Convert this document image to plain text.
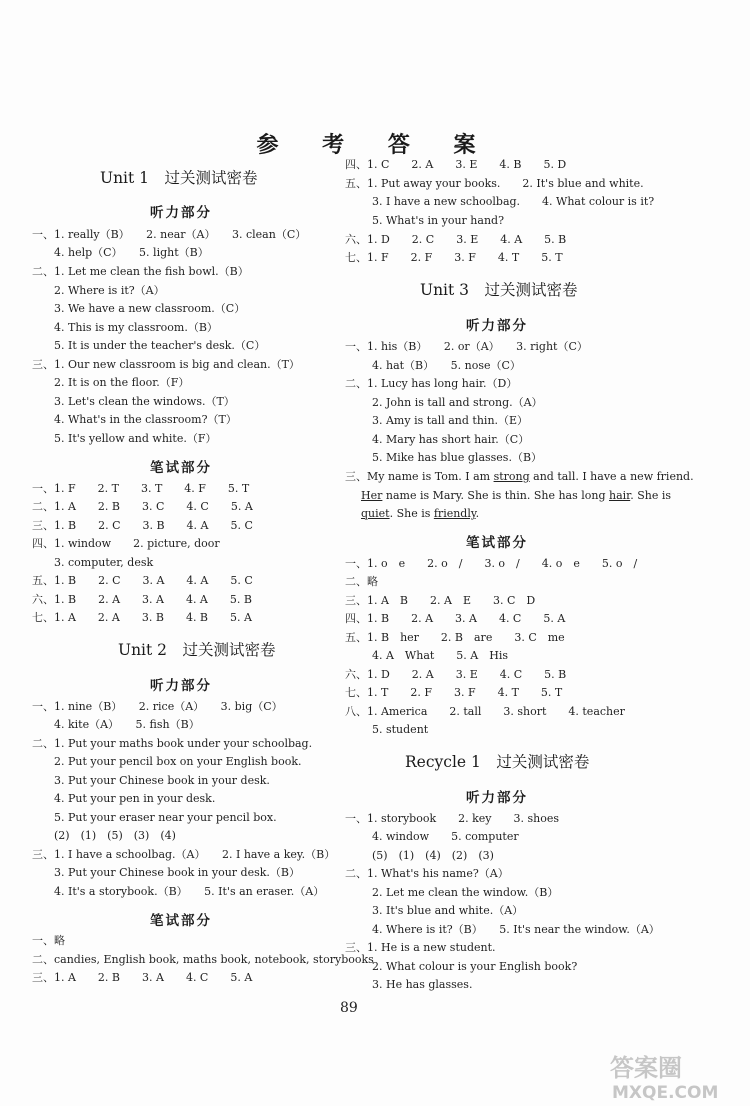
参 考 答 案
Unit 1　过关测试密卷
听力部分
一、1. really（B）　　2. near（A）　　3. clean（C）
4. help（C）　　5. light（B）
二、1. Let me clean the fish bowl.（B）
2. Where is it?（A）
3. We have a new classroom.（C）
4. This is my classroom.（B）
5. It is under the teacher's desk.（C）
三、1. Our new classroom is big and clean.（T）
2. It is on the floor.（F）
3. Let's clean the windows.（T）
4. What's in the classroom?（T）
5. It's yellow and white.（F）
笔试部分
一、1. F　　2. T　　3. T　　4. F　　5. T
二、1. A　　2. B　　3. C　　4. C　　5. A
三、1. B　　2. C　　3. B　　4. A　　5. C
四、1. window　　2. picture, door
3. computer, desk
五、1. B　　2. C　　3. A　　4. A　　5. C
六、1. B　　2. A　　3. A　　4. A　　5. B
七、1. A　　2. A　　3. B　　4. B　　5. A
Unit 2　过关测试密卷
听力部分
一、1. nine（B）　　2. rice（A）　　3. big（C）
4. kite（A）　　5. fish（B）
二、1. Put your maths book under your schoolbag.
2. Put your pencil box on your English book.
3. Put your Chinese book in your desk.
4. Put your pen in your desk.
5. Put your eraser near your pencil box.
(2)　(1)　(5)　(3)　(4)
三、1. I have a schoolbag.（A）　　2. I have a key.（B）
3. Put your Chinese book in your desk.（B）
4. It's a storybook.（B）　　5. It's an eraser.（A）
笔试部分
一、略
二、candies, English book, maths book, notebook, storybooks
三、1. A　　2. B　　3. A　　4. C　　5. A
四、1. C　　2. A　　3. E　　4. B　　5. D
五、1. Put away your books.　　2. It's blue and white.
3. I have a new schoolbag.　　4. What colour is it?
5. What's in your hand?
六、1. D　　2. C　　3. E　　4. A　　5. B
七、1. F　　2. F　　3. F　　4. T　　5. T
Unit 3　过关测试密卷
听力部分
一、1. his（B）　　2. or（A）　　3. right（C）
4. hat（B）　　5. nose（C）
二、1. Lucy has long hair.（D）
2. John is tall and strong.（A）
3. Amy is tall and thin.（E）
4. Mary has short hair.（C）
5. Mike has blue glasses.（B）
三、My name is Tom. I am strong and tall. I have a new friend.
Her name is Mary. She is thin. She has long hair. She is
quiet. She is friendly.
笔试部分
一、1. o　e　　2. o　/　　3. o　/　　4. o　e　　5. o　/
二、略
三、1. A　B　　2. A　E　　3. C　D
四、1. B　　2. A　　3. A　　4. C　　5. A
五、1. B　her　　2. B　are　　3. C　me
4. A　What　　5. A　His
六、1. D　　2. A　　3. E　　4. C　　5. B
七、1. T　　2. F　　3. F　　4. T　　5. T
八、1. America　　2. tall　　3. short　　4. teacher
5. student
Recycle 1　过关测试密卷
听力部分
一、1. storybook　　2. key　　3. shoes
4. window　　5. computer
(5)　(1)　(4)　(2)　(3)
二、1. What's his name?（A）
2. Let me clean the window.（B）
3. It's blue and white.（A）
4. Where is it?（B）　　5. It's near the window.（A）
三、1. He is a new student.
2. What colour is your English book?
3. He has glasses.
89
答案圈
MXQE.COM
